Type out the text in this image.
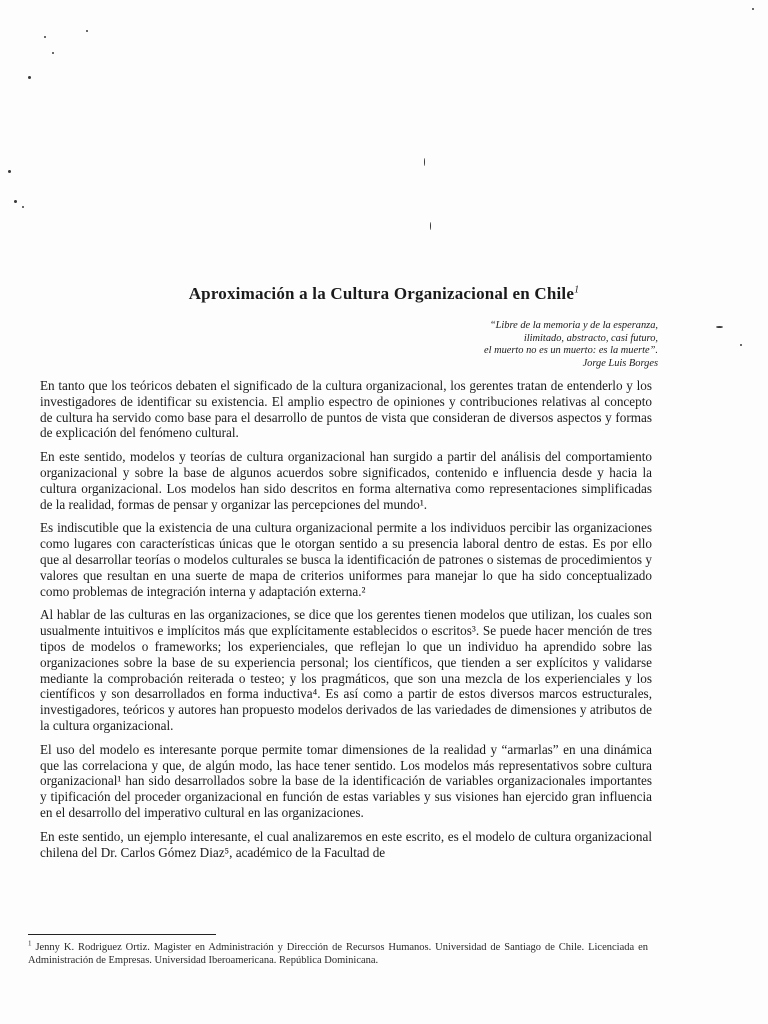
Aproximación a la Cultura Organizacional en Chile$^1$
“Libre de la memoria y de la esperanza,
ilimitado, abstracto, casi futuro,
el muerto no es un muerto: es la muerte”.
Jorge Luis Borges

En tanto que los teóricos debaten el significado de la cultura organizacional, los gerentes tratan de entenderlo y los investigadores de identificar su existencia. El amplio espectro de opiniones y contribuciones relativas al concepto de cultura ha servido como base para el desarrollo de puntos de vista que consideran de diversos aspectos y formas de explicación del fenómeno cultural.

En este sentido, modelos y teorías de cultura organizacional han surgido a partir del análisis del comportamiento organizacional y sobre la base de algunos acuerdos sobre significados, contenido e influencia desde y hacia la cultura organizacional. Los modelos han sido descritos en forma alternativa como representaciones simplificadas de la realidad, formas de pensar y organizar las percepciones del mundo¹.

Es indiscutible que la existencia de una cultura organizacional permite a los individuos percibir las organizaciones como lugares con características únicas que le otorgan sentido a su presencia laboral dentro de estas. Es por ello que al desarrollar teorías o modelos culturales se busca la identificación de patrones o sistemas de procedimientos y valores que resultan en una suerte de mapa de criterios uniformes para manejar lo que ha sido conceptualizado como problemas de integración interna y adaptación externa.²

Al hablar de las culturas en las organizaciones, se dice que los gerentes tienen modelos que utilizan, los cuales son usualmente intuitivos e implícitos más que explícitamente establecidos o escritos³. Se puede hacer mención de tres tipos de modelos o frameworks; los experienciales, que reflejan lo que un individuo ha aprendido sobre las organizaciones sobre la base de su experiencia personal; los científicos, que tienden a ser explícitos y validarse mediante la comprobación reiterada o testeo; y los pragmáticos, que son una mezcla de los experienciales y los científicos y son desarrollados en forma inductiva⁴. Es así como a partir de estos diversos marcos estructurales, investigadores, teóricos y autores han propuesto modelos derivados de las variedades de dimensiones y atributos de la cultura organizacional.

El uso del modelo es interesante porque permite tomar dimensiones de la realidad y “armarlas” en una dinámica que las correlaciona y que, de algún modo, las hace tener sentido. Los modelos más representativos sobre cultura organizacional¹ han sido desarrollados sobre la base de la identificación de variables organizacionales importantes y tipificación del proceder organizacional en función de estas variables y sus visiones han ejercido gran influencia en el desarrollo del imperativo cultural en las organizaciones.

En este sentido, un ejemplo interesante, el cual analizaremos en este escrito, es el modelo de cultura organizacional chilena del Dr. Carlos Gómez Diaz⁵, académico de la Facultad de

$^1$ Jenny K. Rodriguez Ortiz. Magister en Administración y Dirección de Recursos Humanos. Universidad de Santiago de Chile. Licenciada en Administración de Empresas. Universidad Iberoamericana. República Dominicana.
